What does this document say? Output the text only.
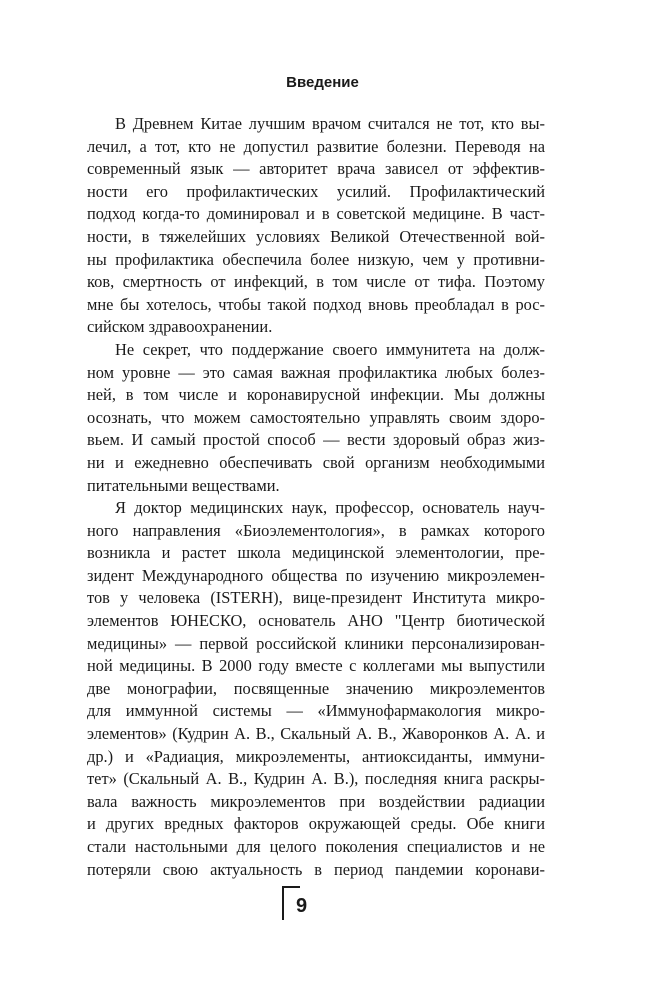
Введение
В Древнем Китае лучшим врачом считался не тот, кто вы-
лечил, а тот, кто не допустил развитие болезни. Переводя на
современный язык — авторитет врача зависел от эффектив-
ности его профилактических усилий. Профилактический
подход когда-то доминировал и в советской медицине. В част-
ности, в тяжелейших условиях Великой Отечественной вой-
ны профилактика обеспечила более низкую, чем у противни-
ков, смертность от инфекций, в том числе от тифа. Поэтому
мне бы хотелось, чтобы такой подход вновь преобладал в рос-
сийском здравоохранении.
Не секрет, что поддержание своего иммунитета на долж-
ном уровне — это самая важная профилактика любых болез-
ней, в том числе и коронавирусной инфекции. Мы должны
осознать, что можем самостоятельно управлять своим здоро-
вьем. И самый простой способ — вести здоровый образ жиз-
ни и ежедневно обеспечивать свой организм необходимыми
питательными веществами.
Я доктор медицинских наук, профессор, основатель науч-
ного направления «Биоэлементология», в рамках которого
возникла и растет школа медицинской элементологии, пре-
зидент Международного общества по изучению микроэлемен-
тов у человека (ISTERH), вице-президент Института микро-
элементов ЮНЕСКО, основатель АНО "Центр биотической
медицины» — первой российской клиники персонализирован-
ной медицины. В 2000 году вместе с коллегами мы выпустили
две монографии, посвященные значению микроэлементов
для иммунной системы — «Иммунофармакология микро-
элементов» (Кудрин А. В., Скальный А. В., Жаворонков А. А. и
др.) и «Радиация, микроэлементы, антиоксиданты, иммуни-
тет» (Скальный А. В., Кудрин А. В.), последняя книга раскры-
вала важность микроэлементов при воздействии радиации
и других вредных факторов окружающей среды. Обе книги
стали настольными для целого поколения специалистов и не
потеряли свою актуальность в период пандемии коронави-
9
